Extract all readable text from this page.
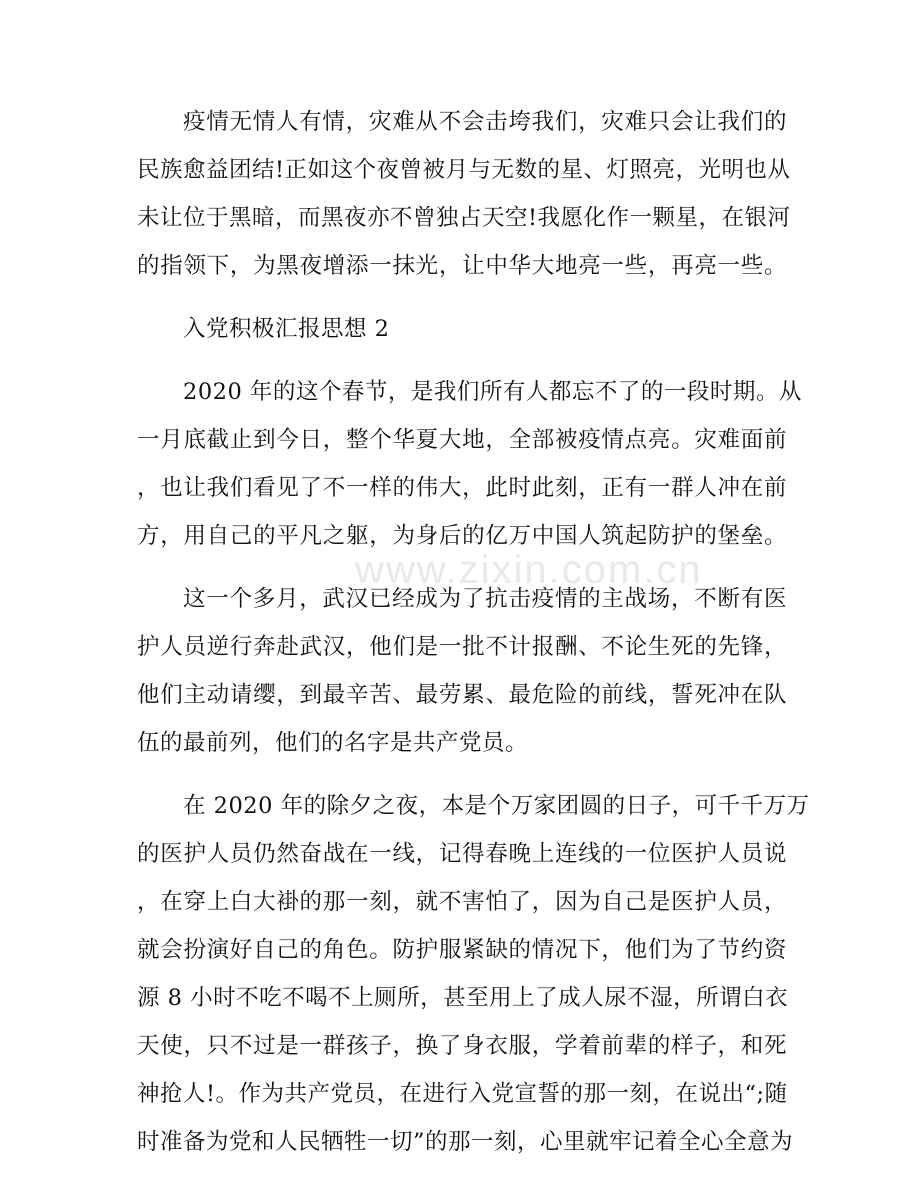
www.zixin.com.cn
疫情无情人有情，灾难从不会击垮我们，灾难只会让我们的
民族愈益团结!正如这个夜曾被月与无数的星、灯照亮，光明也从
未让位于黑暗，而黑夜亦不曾独占天空!我愿化作一颗星，在银河
的指领下，为黑夜增添一抹光，让中华大地亮一些，再亮一些。
入党积极汇报思想 2
2020 年的这个春节，是我们所有人都忘不了的一段时期。从
一月底截止到今日，整个华夏大地，全部被疫情点亮。灾难面前
，也让我们看见了不一样的伟大，此时此刻，正有一群人冲在前
方，用自己的平凡之躯，为身后的亿万中国人筑起防护的堡垒。
这一个多月，武汉已经成为了抗击疫情的主战场，不断有医
护人员逆行奔赴武汉，他们是一批不计报酬、不论生死的先锋，
他们主动请缨，到最辛苦、最劳累、最危险的前线，誓死冲在队
伍的最前列，他们的名字是共产党员。
在 2020 年的除夕之夜，本是个万家团圆的日子，可千千万万
的医护人员仍然奋战在一线，记得春晚上连线的一位医护人员说
，在穿上白大褂的那一刻，就不害怕了，因为自己是医护人员，
就会扮演好自己的角色。防护服紧缺的情况下，他们为了节约资
源 8 小时不吃不喝不上厕所，甚至用上了成人尿不湿，所谓白衣
天使，只不过是一群孩子，换了身衣服，学着前辈的样子，和死
神抢人!。作为共产党员，在进行入党宣誓的那一刻，在说出“;随
时准备为党和人民牺牲一切”的那一刻，心里就牢记着全心全意为
